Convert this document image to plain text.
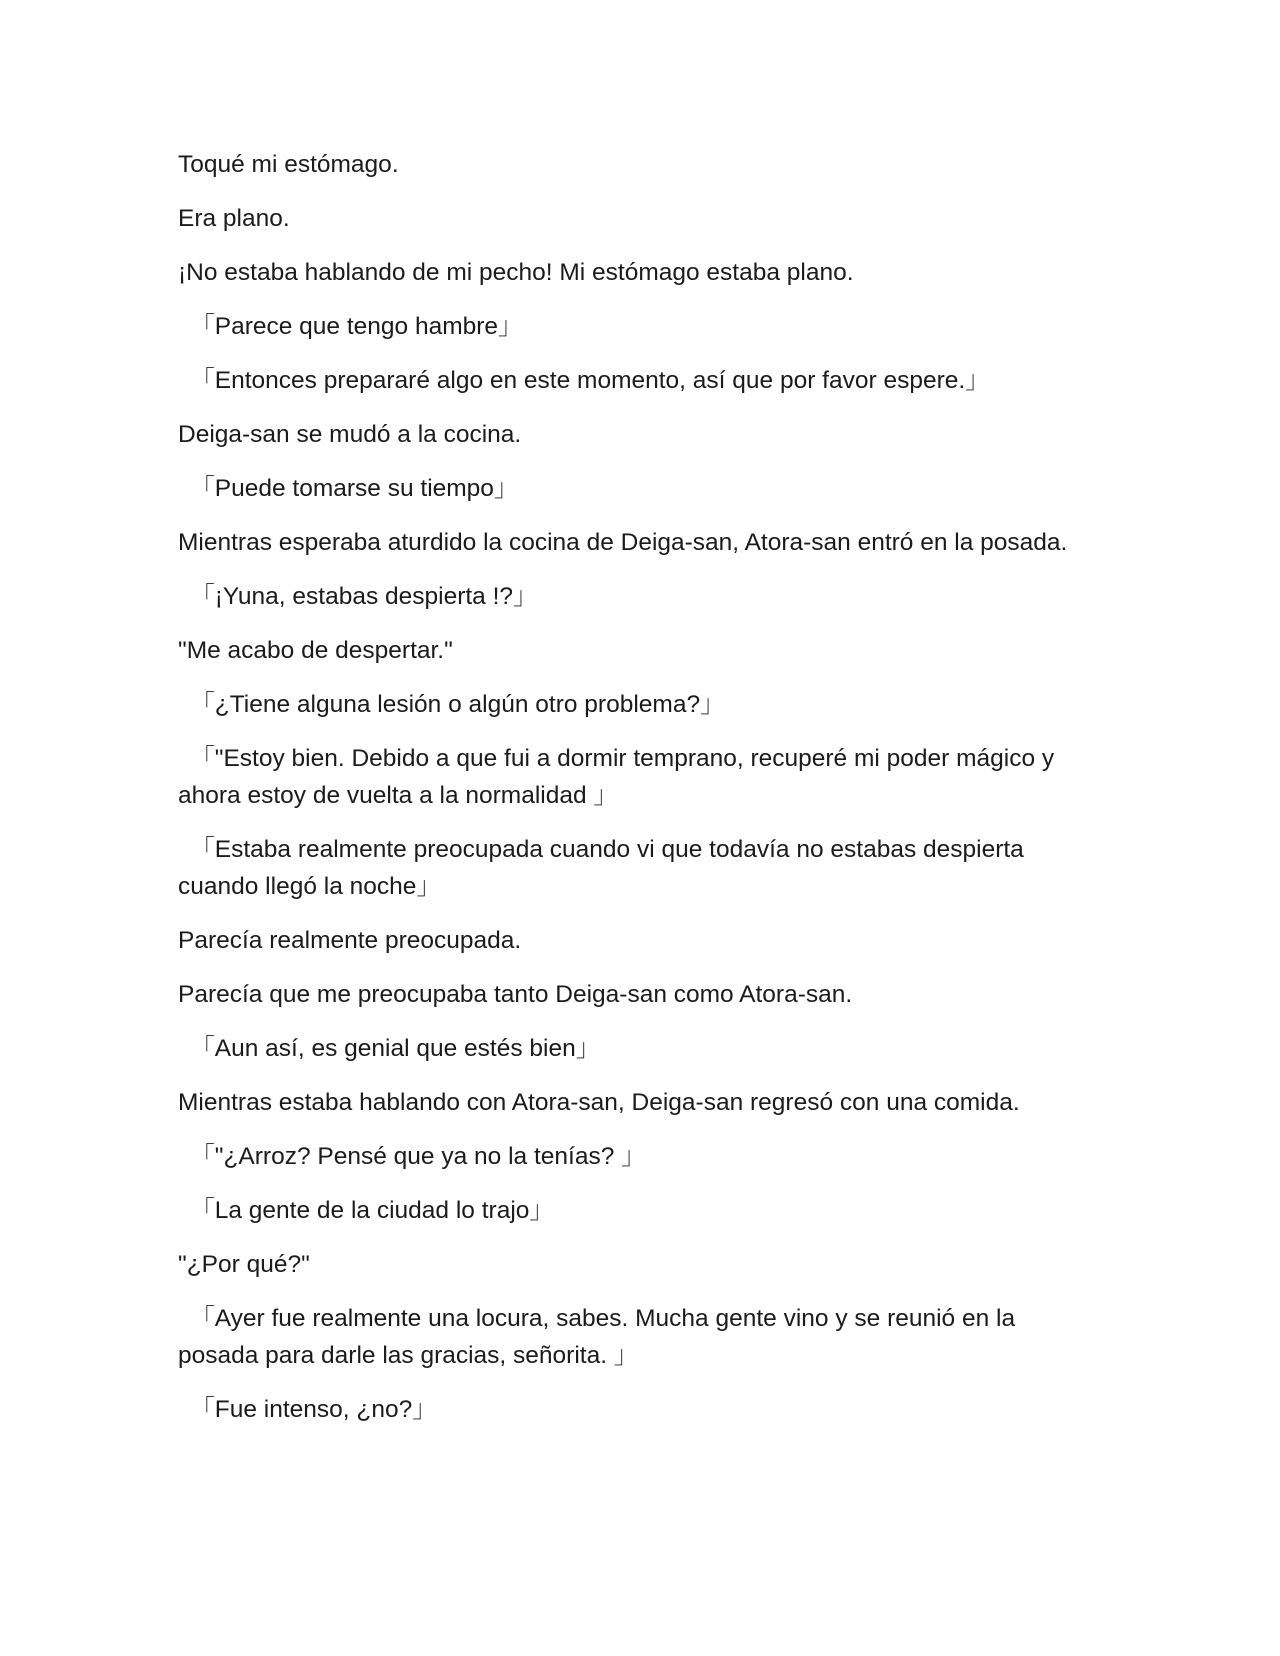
Toqué mi estómago.

Era plano.

¡No estaba hablando de mi pecho! Mi estómago estaba plano.

　「Parece que tengo hambre」

　「Entonces prepararé algo en este momento, así que por favor espere.」

Deiga-san se mudó a la cocina.

　「Puede tomarse su tiempo」

Mientras esperaba aturdido la cocina de Deiga-san, Atora-san entró en la posada.

　「¡Yuna, estabas despierta !?」

"Me acabo de despertar."

　「¿Tiene alguna lesión o algún otro problema?」

　「"Estoy bien. Debido a que fui a dormir temprano, recuperé mi poder mágico y ahora estoy de vuelta a la normalidad 」

　「Estaba realmente preocupada cuando vi que todavía no estabas despierta cuando llegó la noche」

Parecía realmente preocupada.

Parecía que me preocupaba tanto Deiga-san como Atora-san.

　「Aun así, es genial que estés bien」

Mientras estaba hablando con Atora-san, Deiga-san regresó con una comida.

　「"¿Arroz? Pensé que ya no la tenías? 」

　「La gente de la ciudad lo trajo」

"¿Por qué?"

　「Ayer fue realmente una locura, sabes. Mucha gente vino y se reunió en la posada para darle las gracias, señorita. 」

　「Fue intenso, ¿no?」
